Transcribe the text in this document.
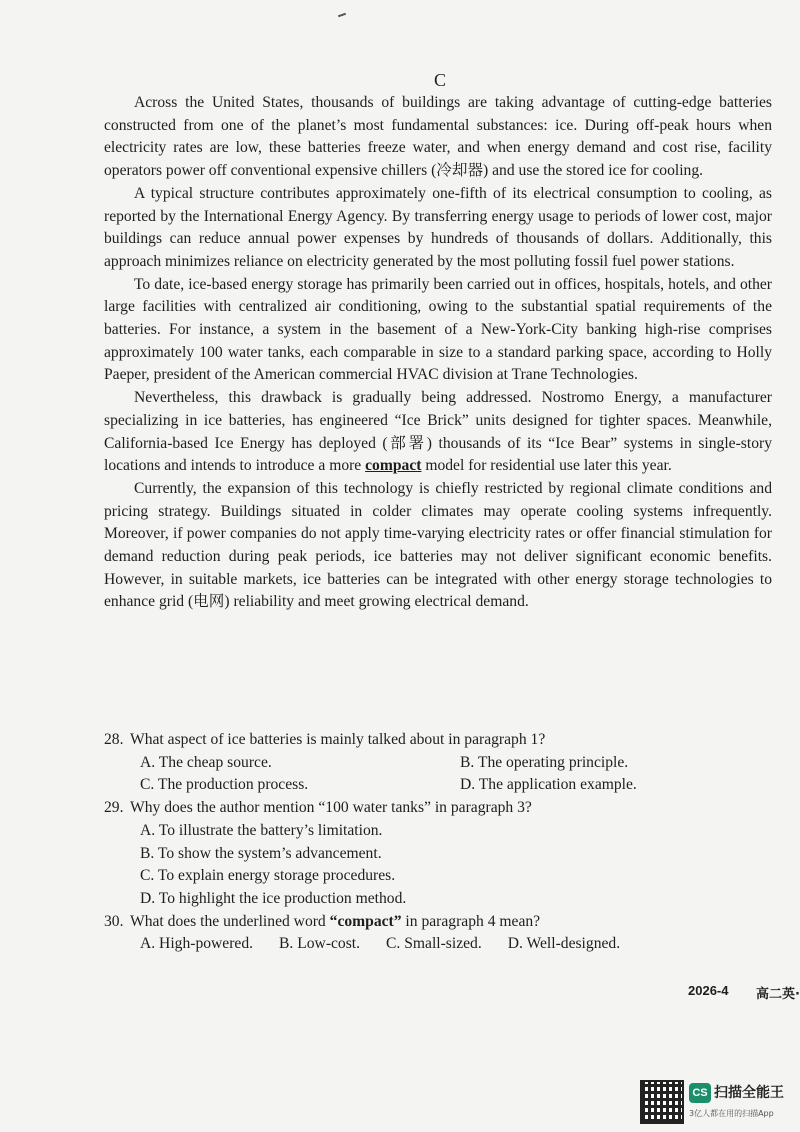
C

Across the United States, thousands of buildings are taking advantage of cutting-edge batteries constructed from one of the planet’s most fundamental substances: ice. During off-peak hours when electricity rates are low, these batteries freeze water, and when energy demand and cost rise, facility operators power off conventional expensive chillers (冷却器) and use the stored ice for cooling.

A typical structure contributes approximately one-fifth of its electrical consumption to cooling, as reported by the International Energy Agency. By transferring energy usage to periods of lower cost, major buildings can reduce annual power expenses by hundreds of thousands of dollars. Additionally, this approach minimizes reliance on electricity generated by the most polluting fossil fuel power stations.

To date, ice-based energy storage has primarily been carried out in offices, hospitals, hotels, and other large facilities with centralized air conditioning, owing to the substantial spatial requirements of the batteries. For instance, a system in the basement of a New-York-City banking high-rise comprises approximately 100 water tanks, each comparable in size to a standard parking space, according to Holly Paeper, president of the American commercial HVAC division at Trane Technologies.

Nevertheless, this drawback is gradually being addressed. Nostromo Energy, a manufacturer specializing in ice batteries, has engineered “Ice Brick” units designed for tighter spaces. Meanwhile, California-based Ice Energy has deployed (部署) thousands of its “Ice Bear” systems in single-story locations and intends to introduce a more compact model for residential use later this year.

Currently, the expansion of this technology is chiefly restricted by regional climate conditions and pricing strategy. Buildings situated in colder climates may operate cooling systems infrequently. Moreover, if power companies do not apply time-varying electricity rates or offer financial stimulation for demand reduction during peak periods, ice batteries may not deliver significant economic benefits. However, in suitable markets, ice batteries can be integrated with other energy storage technologies to enhance grid (电网) reliability and meet growing electrical demand.

28. What aspect of ice batteries is mainly talked about in paragraph 1?

A. The cheap source.	B. The operating principle.
C. The production process.	D. The application example.

29. Why does the author mention “100 water tanks” in paragraph 3?

A. To illustrate the battery’s limitation.
B. To show the system’s advancement.
C. To explain energy storage procedures.
D. To highlight the ice production method.

30. What does the underlined word “compact” in paragraph 4 mean?

A. High-powered. B. Low-cost. C. Small-sized. D. Well-designed.
2026-4 高二英·
CS 扫描全能王
3亿人都在用的扫描App
